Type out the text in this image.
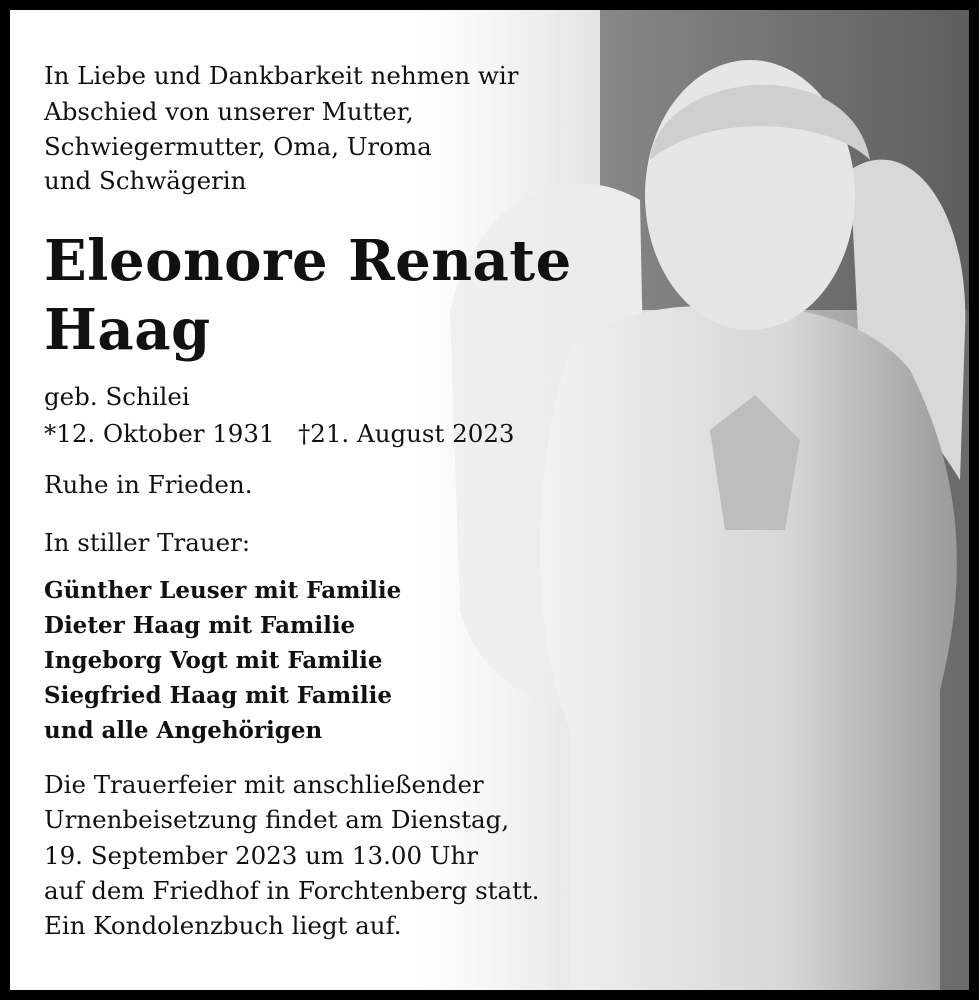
In Liebe und Dankbarkeit nehmen wir
Abschied von unserer Mutter,
Schwiegermutter, Oma, Uroma
und Schwägerin
Eleonore Renate
Haag
geb. Schilei
*12. Oktober 1931 †21. August 2023
Ruhe in Frieden.
In stiller Trauer:
Günther Leuser mit Familie
Dieter Haag mit Familie
Ingeborg Vogt mit Familie
Siegfried Haag mit Familie
und alle Angehörigen
Die Trauerfeier mit anschließender
Urnenbeisetzung findet am Dienstag,
19. September 2023 um 13.00 Uhr
auf dem Friedhof in Forchtenberg statt.
Ein Kondolenzbuch liegt auf.
